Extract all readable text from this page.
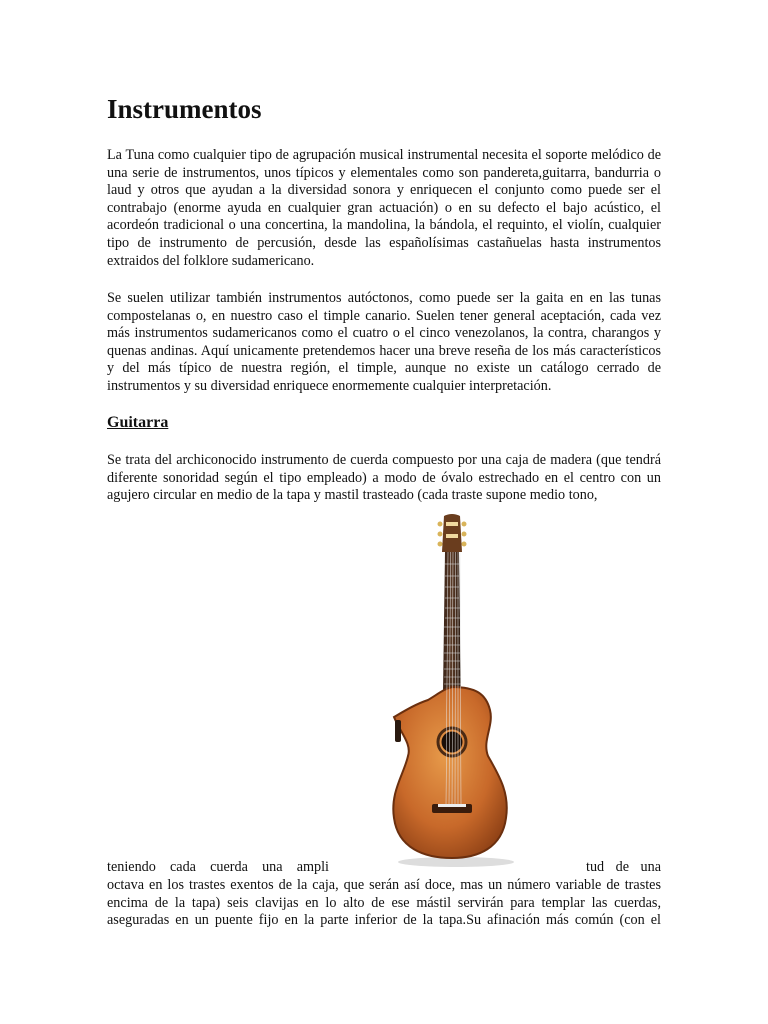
Instrumentos

La Tuna como cualquier tipo de agrupación musical instrumental necesita el soporte melódico de una serie de instrumentos, unos típicos y elementales como son pandereta,guitarra, bandurria o laud y otros que ayudan a la diversidad sonora y enriquecen el conjunto como puede ser el contrabajo (enorme ayuda en cualquier gran actuación) o en su defecto el bajo acústico, el acordeón tradicional o una concertina, la mandolina, la bándola, el requinto, el violín, cualquier tipo de instrumento de percusión, desde las españolísimas castañuelas hasta instrumentos extraidos del folklore sudamericano.

Se suelen utilizar también instrumentos autóctonos, como puede ser la gaita en en las tunas compostelanas o, en nuestro caso el timple canario. Suelen tener general aceptación, cada vez más instrumentos sudamericanos como el cuatro o el cinco venezolanos, la contra, charangos y quenas andinas. Aquí unicamente pretendemos hacer una breve reseña de los más característicos y del más típico de nuestra región, el timple, aunque no existe un catálogo cerrado de instrumentos y su diversidad enriquece enormemente cualquier interpretación.

Guitarra

Se trata del archiconocido instrumento de cuerda compuesto por una caja de madera (que tendrá diferente sonoridad según el tipo empleado) a modo de óvalo estrechado en el centro con un agujero circular en medio de la tapa y mastil trasteado (cada traste supone medio tono,

teniendo cada cuerda una ampli	tud de una

octava en los trastes exentos de la caja, que serán así doce, mas un número variable de trastes encima de la tapa) seis clavijas en lo alto de ese mástil servirán para templar las cuerdas, aseguradas en un puente fijo en la parte inferior de la tapa.Su afinación más común (con el
